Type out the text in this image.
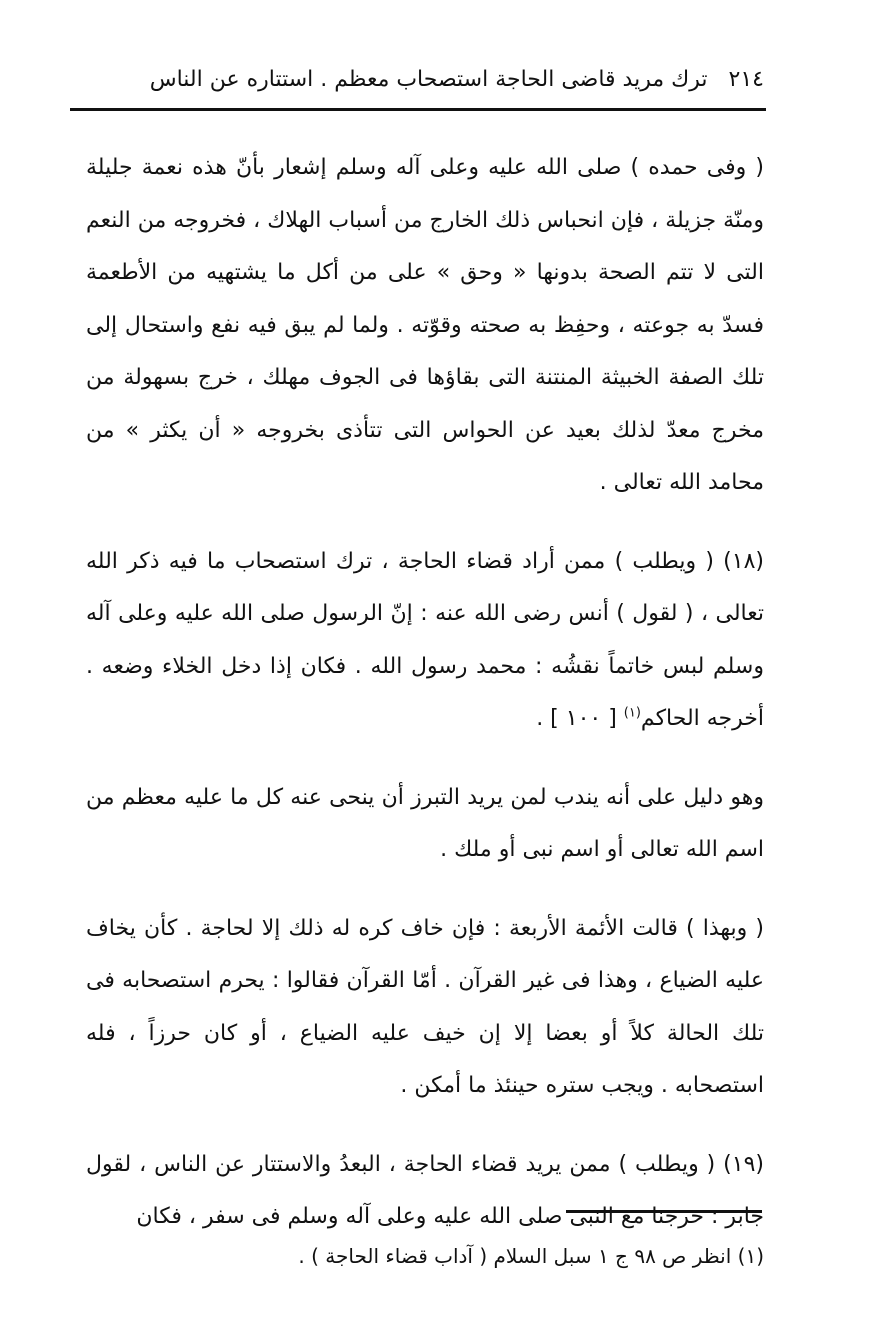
٢١٤ ترك مريد قاضى الحاجة استصحاب معظم . استتاره عن الناس

( وفى حمده ) صلى الله عليه وعلى آله وسلم إشعار بأنّ هذه نعمة جليلة ومنّة جزيلة ، فإن انحباس ذلك الخارج من أسباب الهلاك ، فخروجه من النعم التى لا تتم الصحة بدونها « وحق » على من أكل ما يشتهيه من الأطعمة فسدّ به جوعته ، وحفِظ به صحته وقوّته . ولما لم يبق فيه نفع واستحال إلى تلك الصفة الخبيثة المنتنة التى بقاؤها فى الجوف مهلك ، خرج بسهولة من مخرج معدّ لذلك بعيد عن الحواس التى تتأذى بخروجه « أن يكثر » من محامد الله تعالى .

(١٨) ( ويطلب ) ممن أراد قضاء الحاجة ، ترك استصحاب ما فيه ذكر الله تعالى ، ( لقول ) أنس رضى الله عنه : إنّ الرسول صلى الله عليه وعلى آله وسلم لبس خاتماً نقشُه : محمد رسول الله . فكان إذا دخل الخلاء وضعه . أخرجه الحاكم$^{(١)}$ [ ١٠٠ ] .

وهو دليل على أنه يندب لمن يريد التبرز أن ينحى عنه كل ما عليه معظم من اسم الله تعالى أو اسم نبى أو ملك .

( وبهذا ) قالت الأئمة الأربعة : فإن خاف كره له ذلك إلا لحاجة . كأن يخاف عليه الضياع ، وهذا فى غير القرآن . أمّا القرآن فقالوا : يحرم استصحابه فى تلك الحالة كلاً أو بعضا إلا إن خيف عليه الضياع ، أو كان حرزاً ، فله استصحابه . ويجب ستره حينئذ ما أمكن .

(١٩) ( ويطلب ) ممن يريد قضاء الحاجة ، البعدُ والاستتار عن الناس ، لقول جابر : خرجنا مع النبى صلى الله عليه وعلى آله وسلم فى سفر ، فكان

(١) انظر ص ٩٨ ج ١ سبل السلام ( آداب قضاء الحاجة ) .
